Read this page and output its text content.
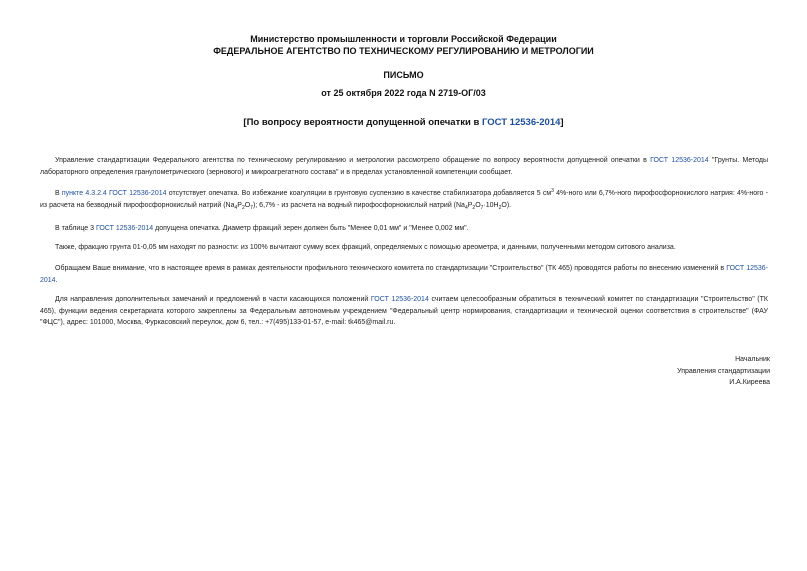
Министерство промышленности и торговли Российской Федерации
ФЕДЕРАЛЬНОЕ АГЕНТСТВО ПО ТЕХНИЧЕСКОМУ РЕГУЛИРОВАНИЮ И МЕТРОЛОГИИ
ПИСЬМО
от 25 октября 2022 года N 2719-ОГ/03
[По вопросу вероятности допущенной опечатки в ГОСТ 12536-2014]
Управление стандартизации Федерального агентства по техническому регулированию и метрологии рассмотрело обращение по вопросу вероятности допущенной опечатки в ГОСТ 12536-2014 "Грунты. Методы лабораторного определения гранулометрического (зернового) и микроагрегатного состава" и в пределах установленной компетенции сообщает.
В пункте 4.3.2.4 ГОСТ 12536-2014 отсутствует опечатка. Во избежание коагуляции в грунтовую суспензию в качестве стабилизатора добавляется 5 $см^3$ 4%-ного или 6,7%-ного пирофосфорнокислого натрия: 4%-ного - из расчета на безводный пирофосфорнокислый натрий $(Na_4P_2O_7)$; 6,7% - из расчета на водный пирофосфорнокислый натрий $(Na_4P_2O_7\cdot 10H_2O)$.
В таблице 3 ГОСТ 12536-2014 допущена опечатка. Диаметр фракций зерен должен быть "Менее 0,01 мм" и "Менее 0,002 мм".
Также, фракцию грунта 01-0,05 мм находят по разности: из 100% вычитают сумму всех фракций, определяемых с помощью ареометра, и данными, полученными методом ситового анализа.
Обращаем Ваше внимание, что в настоящее время в рамках деятельности профильного технического комитета по стандартизации "Строительство" (ТК 465) проводятся работы по внесению изменений в ГОСТ 12536-2014.
Для направления дополнительных замечаний и предложений в части касающихся положений ГОСТ 12536-2014 считаем целесообразным обратиться в технический комитет по стандартизации "Строительство" (ТК 465), функции ведения секретариата которого закреплены за Федеральным автономным учреждением "Федеральный центр нормирования, стандартизации и технической оценки соответствия в строительстве" (ФАУ "ФЦС"), адрес: 101000, Москва, Фуркасовский переулок, дом 6, тел.: +7(495)133-01-57, e-mail: tk465@mail.ru.
Начальник
Управления стандартизации
И.А.Киреева
